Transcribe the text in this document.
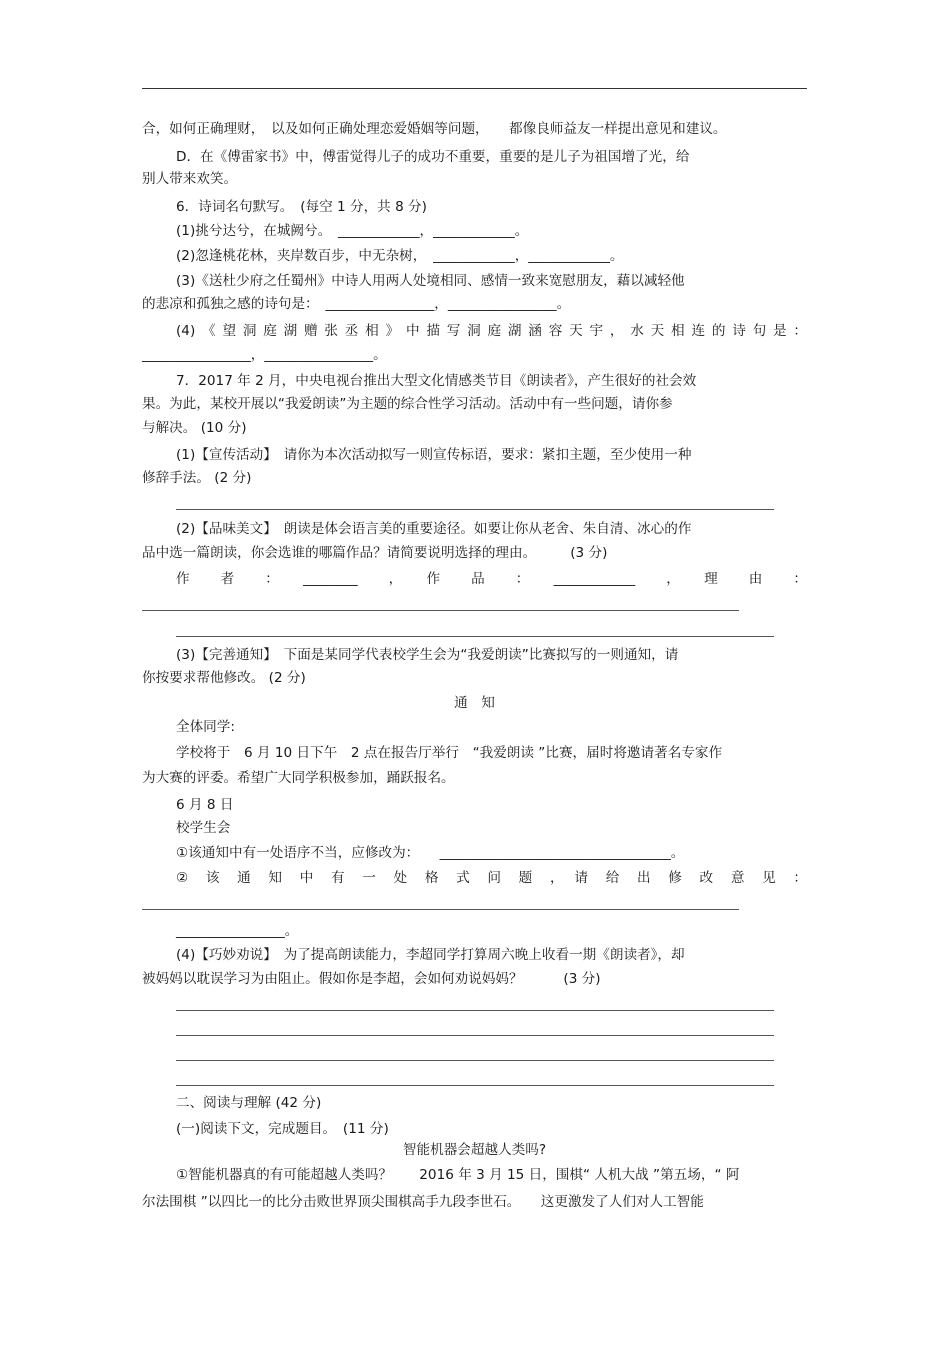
合，如何正确理财，　以及如何正确处理恋爱婚姻等问题，　　都像良师益友一样提出意见和建议。
D．在《傅雷家书》中，傅雷觉得儿子的成功不重要，重要的是儿子为祖国增了光，给
别人带来欢笑。
6．诗词名句默写。　(每空 1 分，共 8 分)
(1)挑兮达兮，在城阙兮。　____________，____________。
(2)忽逢桃花林，夹岸数百步，中无杂树，　____________，____________。
(3)《送杜少府之任蜀州》中诗人用两人处境相同、感情一致来宽慰朋友，藉以减轻他
的悲凉和孤独之感的诗句是：　________________，________________。
(4)《望洞庭湖赠张丞相》中描写洞庭湖涵容天宇，水天相连的诗句是：
________________，________________。
7．2017 年 2 月，中央电视台推出大型文化情感类节目《朗读者》，产生很好的社会效
果。为此，某校开展以“我爱朗读”为主题的综合性学习活动。活动中有一些问题，请你参
与解决。 (10 分)
(1)【宣传活动】　请你为本次活动拟写一则宣传标语，要求：紧扣主题，至少使用一种
修辞手法。 (2 分)
(2)【品味美文】　朗读是体会语言美的重要途径。如要让你从老舍、朱自清、冰心的作
品中选一篇朗读，你会选谁的哪篇作品？请简要说明选择的理由。　　　(3 分)
作　者　：　________　，　作　品　：　____________　，　理　由　：
(3)【完善通知】　下面是某同学代表校学生会为“我爱朗读”比赛拟写的一则通知，请
你按要求帮他修改。 (2 分)
通　知
全体同学:
学校将于　6 月 10 日下午　2 点在报告厅举行　“我爱朗读 ”比赛，届时将邀请著名专家作
为大赛的评委。希望广大同学积极参加，踊跃报名。
6 月 8 日
校学生会
①该通知中有一处语序不当，应修改为：　　__________________________________。
②　该　通　知　中　有　一　处　格　式　问　题　，　请　给　出　修　改　意　见　：
________________。
(4)【巧妙劝说】　为了提高朗读能力，李超同学打算周六晚上收看一期《朗读者》，却
被妈妈以耽误学习为由阻止。假如你是李超，会如何劝说妈妈？　　　(3 分)
二、阅读与理解 (42 分)
(一)阅读下文，完成题目。　(11 分)
智能机器会超越人类吗?
①智能机器真的有可能超越人类吗？　　2016 年 3 月 15 日，围棋“ 人机大战 ”第五场，“ 阿
尔法围棋 ”以四比一的比分击败世界顶尖围棋高手九段李世石。　　这更激发了人们对人工智能
